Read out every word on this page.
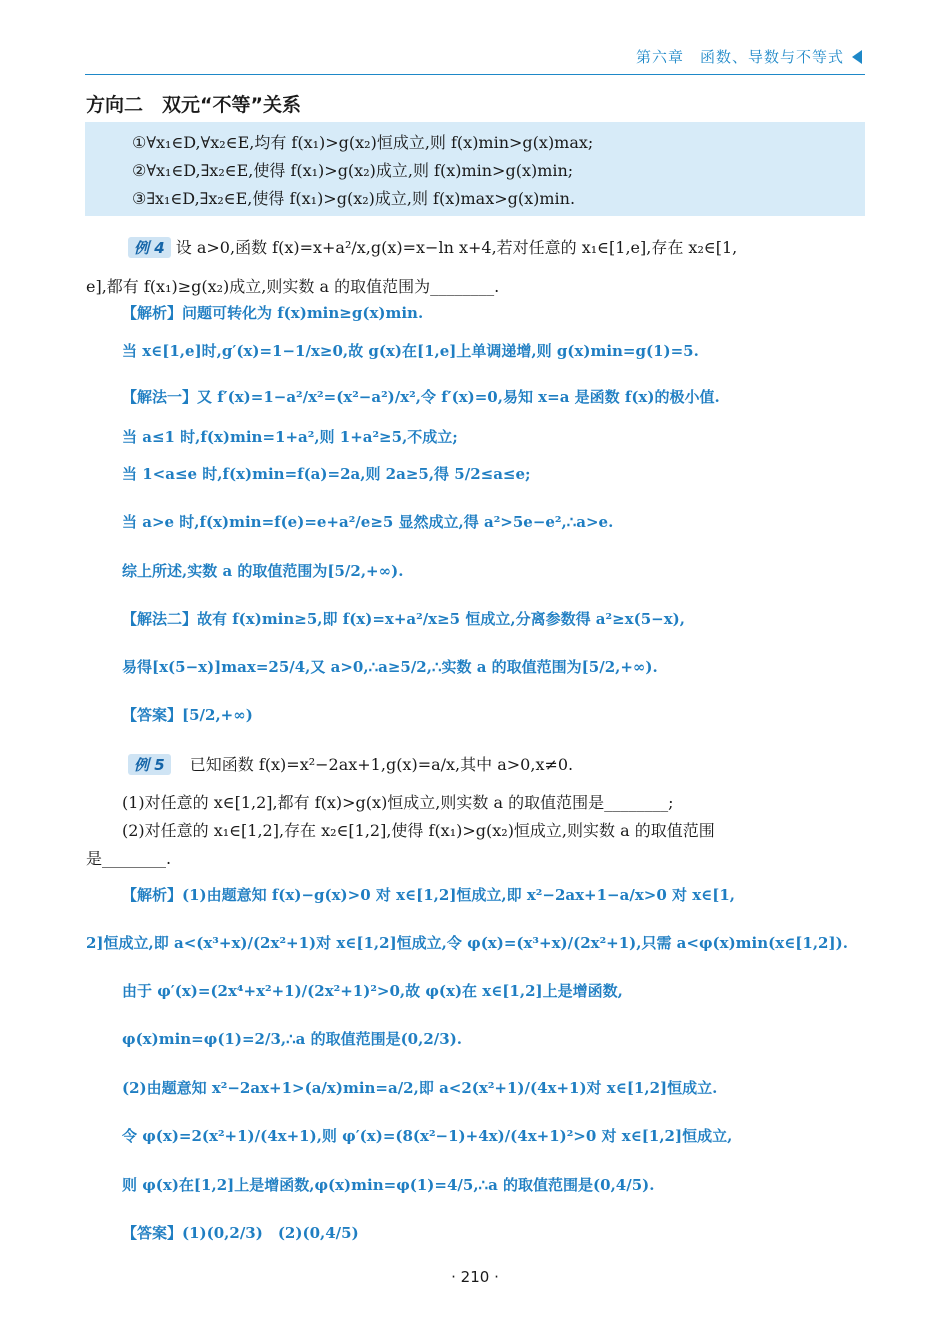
第六章　函数、导数与不等式
方向二　双元“不等”关系
①∀x₁∈D,∀x₂∈E,均有 f(x₁)>g(x₂)恒成立,则 f(x)min>g(x)max;
②∀x₁∈D,∃x₂∈E,使得 f(x₁)>g(x₂)成立,则 f(x)min>g(x)min;
③∃x₁∈D,∃x₂∈E,使得 f(x₁)>g(x₂)成立,则 f(x)max>g(x)min.
例 4 设 a>0,函数 f(x)=x+a²/x,g(x)=x−ln x+4,若对任意的 x₁∈[1,e],存在 x₂∈[1,
e],都有 f(x₁)≥g(x₂)成立,则实数 a 的取值范围为________.
【解析】问题可转化为 f(x)min≥g(x)min.
当 x∈[1,e]时,g′(x)=1−1/x≥0,故 g(x)在[1,e]上单调递增,则 g(x)min=g(1)=5.
【解法一】又 f′(x)=1−a²/x²=(x²−a²)/x²,令 f′(x)=0,易知 x=a 是函数 f(x)的极小值.
当 a≤1 时,f(x)min=1+a²,则 1+a²≥5,不成立;
当 1<a≤e 时,f(x)min=f(a)=2a,则 2a≥5,得 5/2≤a≤e;
当 a>e 时,f(x)min=f(e)=e+a²/e≥5 显然成立,得 a²>5e−e²,∴a>e.
综上所述,实数 a 的取值范围为[5/2,+∞).
【解法二】故有 f(x)min≥5,即 f(x)=x+a²/x≥5 恒成立,分离参数得 a²≥x(5−x),
易得[x(5−x)]max=25/4,又 a>0,∴a≥5/2,∴实数 a 的取值范围为[5/2,+∞).
【答案】[5/2,+∞)
例 5 已知函数 f(x)=x²−2ax+1,g(x)=a/x,其中 a>0,x≠0.
(1)对任意的 x∈[1,2],都有 f(x)>g(x)恒成立,则实数 a 的取值范围是________;
(2)对任意的 x₁∈[1,2],存在 x₂∈[1,2],使得 f(x₁)>g(x₂)恒成立,则实数 a 的取值范围
是________.
【解析】(1)由题意知 f(x)−g(x)>0 对 x∈[1,2]恒成立,即 x²−2ax+1−a/x>0 对 x∈[1,
2]恒成立,即 a<(x³+x)/(2x²+1)对 x∈[1,2]恒成立,令 φ(x)=(x³+x)/(2x²+1),只需 a<φ(x)min(x∈[1,2]).
由于 φ′(x)=(2x⁴+x²+1)/(2x²+1)²>0,故 φ(x)在 x∈[1,2]上是增函数,
φ(x)min=φ(1)=2/3,∴a 的取值范围是(0,2/3).
(2)由题意知 x²−2ax+1>(a/x)min=a/2,即 a<2(x²+1)/(4x+1)对 x∈[1,2]恒成立.
令 φ(x)=2(x²+1)/(4x+1),则 φ′(x)=(8(x²−1)+4x)/(4x+1)²>0 对 x∈[1,2]恒成立,
则 φ(x)在[1,2]上是增函数,φ(x)min=φ(1)=4/5,∴a 的取值范围是(0,4/5).
【答案】(1)(0,2/3)　(2)(0,4/5)
· 210 ·
